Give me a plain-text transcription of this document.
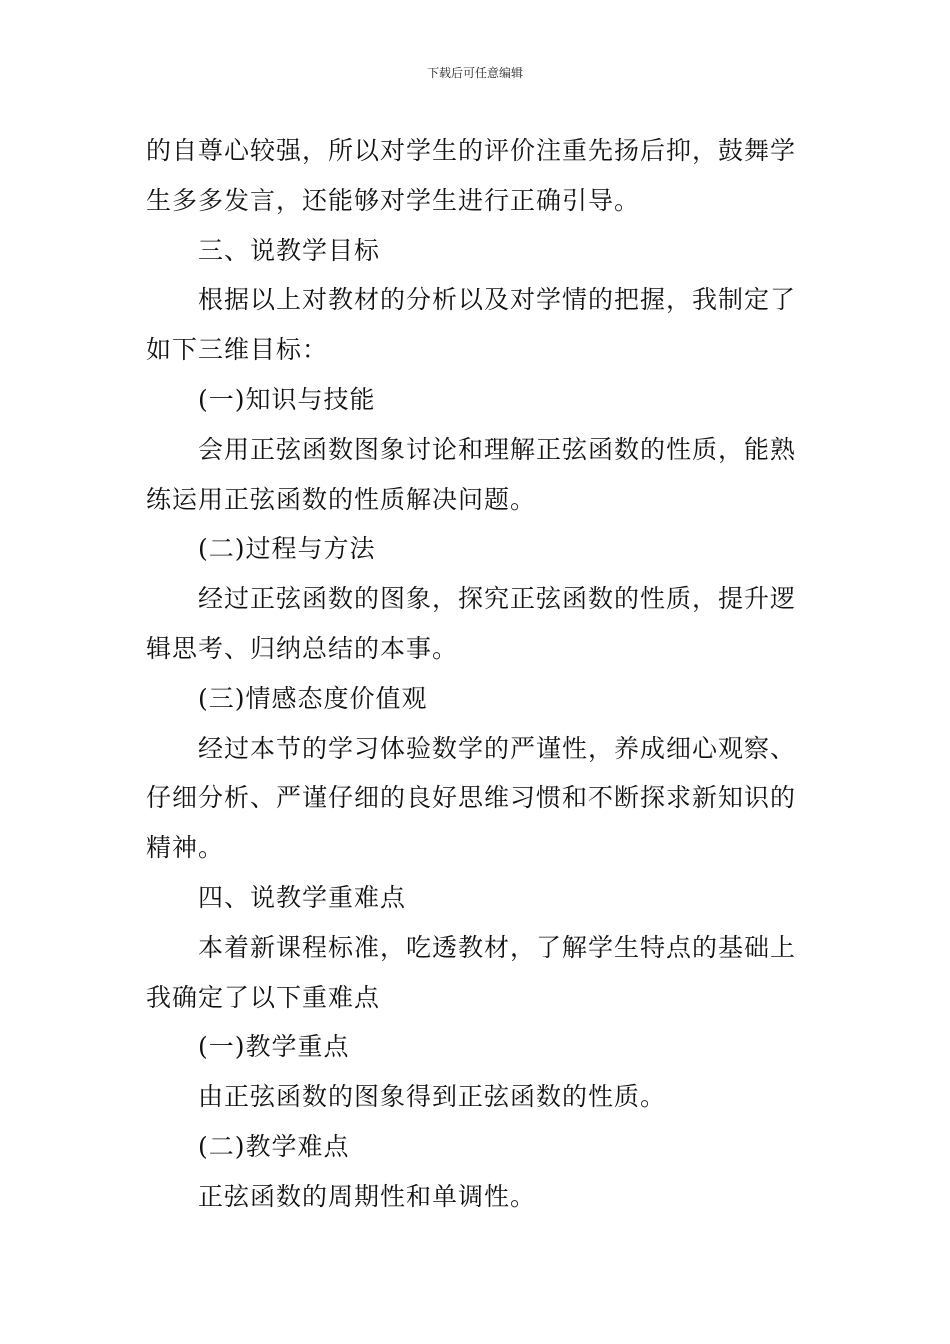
下载后可任意编辑

的自尊心较强，所以对学生的评价注重先扬后抑，鼓舞学

生多多发言，还能够对学生进行正确引导。

三、说教学目标

根据以上对教材的分析以及对学情的把握，我制定了

如下三维目标：

(一)知识与技能

会用正弦函数图象讨论和理解正弦函数的性质，能熟

练运用正弦函数的性质解决问题。

(二)过程与方法

经过正弦函数的图象，探究正弦函数的性质，提升逻

辑思考、归纳总结的本事。

(三)情感态度价值观

经过本节的学习体验数学的严谨性，养成细心观察、

仔细分析、严谨仔细的良好思维习惯和不断探求新知识的

精神。

四、说教学重难点

本着新课程标准，吃透教材，了解学生特点的基础上

我确定了以下重难点

(一)教学重点

由正弦函数的图象得到正弦函数的性质。

(二)教学难点

正弦函数的周期性和单调性。
